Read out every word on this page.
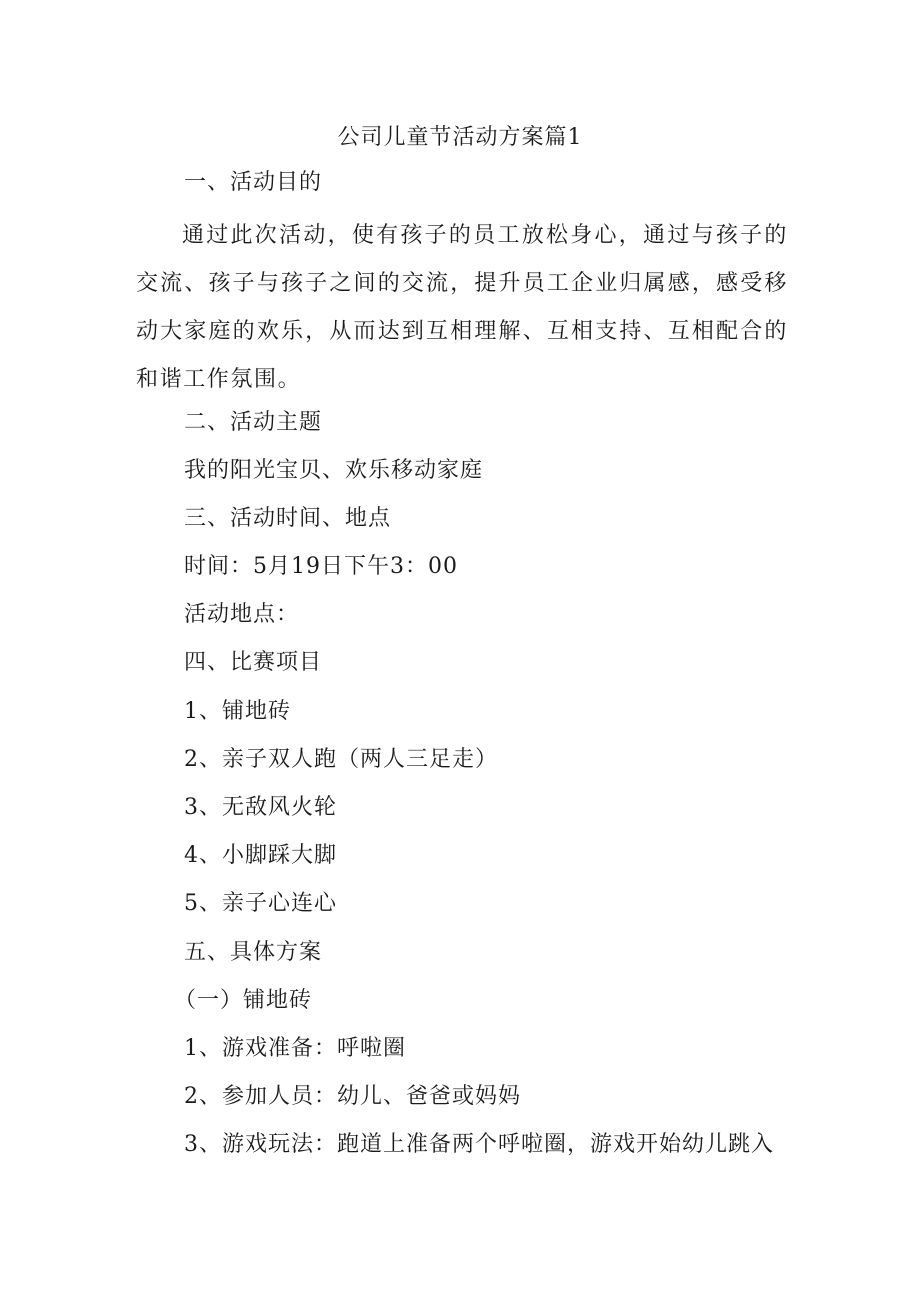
公司儿童节活动方案篇1
一、活动目的
通过此次活动，使有孩子的员工放松身心，通过与孩子的交流、孩子与孩子之间的交流，提升员工企业归属感，感受移动大家庭的欢乐，从而达到互相理解、互相支持、互相配合的和谐工作氛围。
二、活动主题
我的阳光宝贝、欢乐移动家庭
三、活动时间、地点
时间：5月19日下午3：00
活动地点：
四、比赛项目
1、铺地砖
2、亲子双人跑（两人三足走）
3、无敌风火轮
4、小脚踩大脚
5、亲子心连心
五、具体方案
（一）铺地砖
1、游戏准备：呼啦圈
2、参加人员：幼儿、爸爸或妈妈
3、游戏玩法：跑道上准备两个呼啦圈，游戏开始幼儿跳入
